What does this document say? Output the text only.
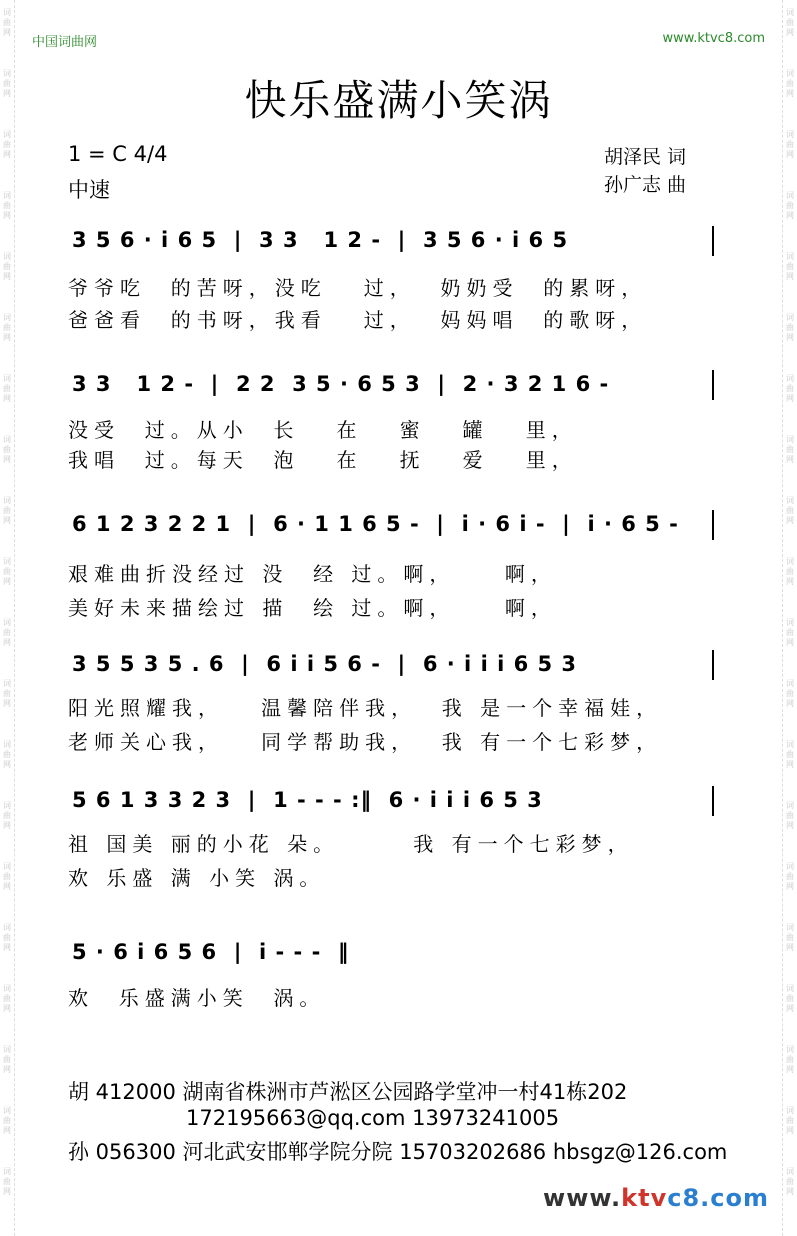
词曲网
词曲网
词曲网
词曲网
词曲网
词曲网
词曲网
词曲网
词曲网
词曲网
词曲网
词曲网
词曲网
词曲网
词曲网
词曲网
词曲网
词曲网
词曲网
词曲网
词曲网
词曲网
词曲网
词曲网
词曲网
词曲网
词曲网
词曲网
词曲网
词曲网
词曲网
词曲网
词曲网
词曲网
词曲网
词曲网
词曲网
词曲网
词曲网
词曲网
中国词曲网	www.ktvc8.com
快乐盛满小笑涡
1 = C 4/4
中速
胡泽民 词
孙广志 曲
3 5 6 · i 6 5  |  3 3   1 2 -  |  3 5 6 · i 6 5
爷爷吃  的苦呀，没吃   过，  奶奶受  的累呀，
爸爸看  的书呀，我看   过，  妈妈唱  的歌呀，
3 3   1 2 -  |  2 2  3 5 · 6 5 3  |  2 · 3 2 1 6 -
没受  过。从小  长   在   蜜   罐   里，
我唱  过。每天  泡   在   抚   爱   里，
6 1 2 3 2 2 1  |  6 · 1 1 6 5 -  |  i · 6 i -  |  i · 6 5 -
艰难曲折没经过 没  经 过。啊，    啊，
美好未来描绘过 描  绘 过。啊，    啊，
3 5 5 3 5 . 6  |  6 i i 5 6 -  |  6 · i i i 6 5 3
阳光照耀我，   温馨陪伴我，  我 是一个幸福娃，
老师关心我，   同学帮助我，  我 有一个七彩梦，
5 6 1 3 3 2 3  |  1 - - - :‖  6 · i i i 6 5 3
祖 国美 丽的小花 朵。      我 有一个七彩梦，
欢 乐盛 满 小笑 涡。
5 · 6 i 6 5 6  |  i - - -  ‖
欢  乐盛满小笑  涡。
胡 412000 湖南省株洲市芦淞区公园路学堂冲一村41栋202
172195663@qq.com 13973241005
孙 056300 河北武安邯郸学院分院 15703202686 hbsgz@126.com
www.ktvc8.com
